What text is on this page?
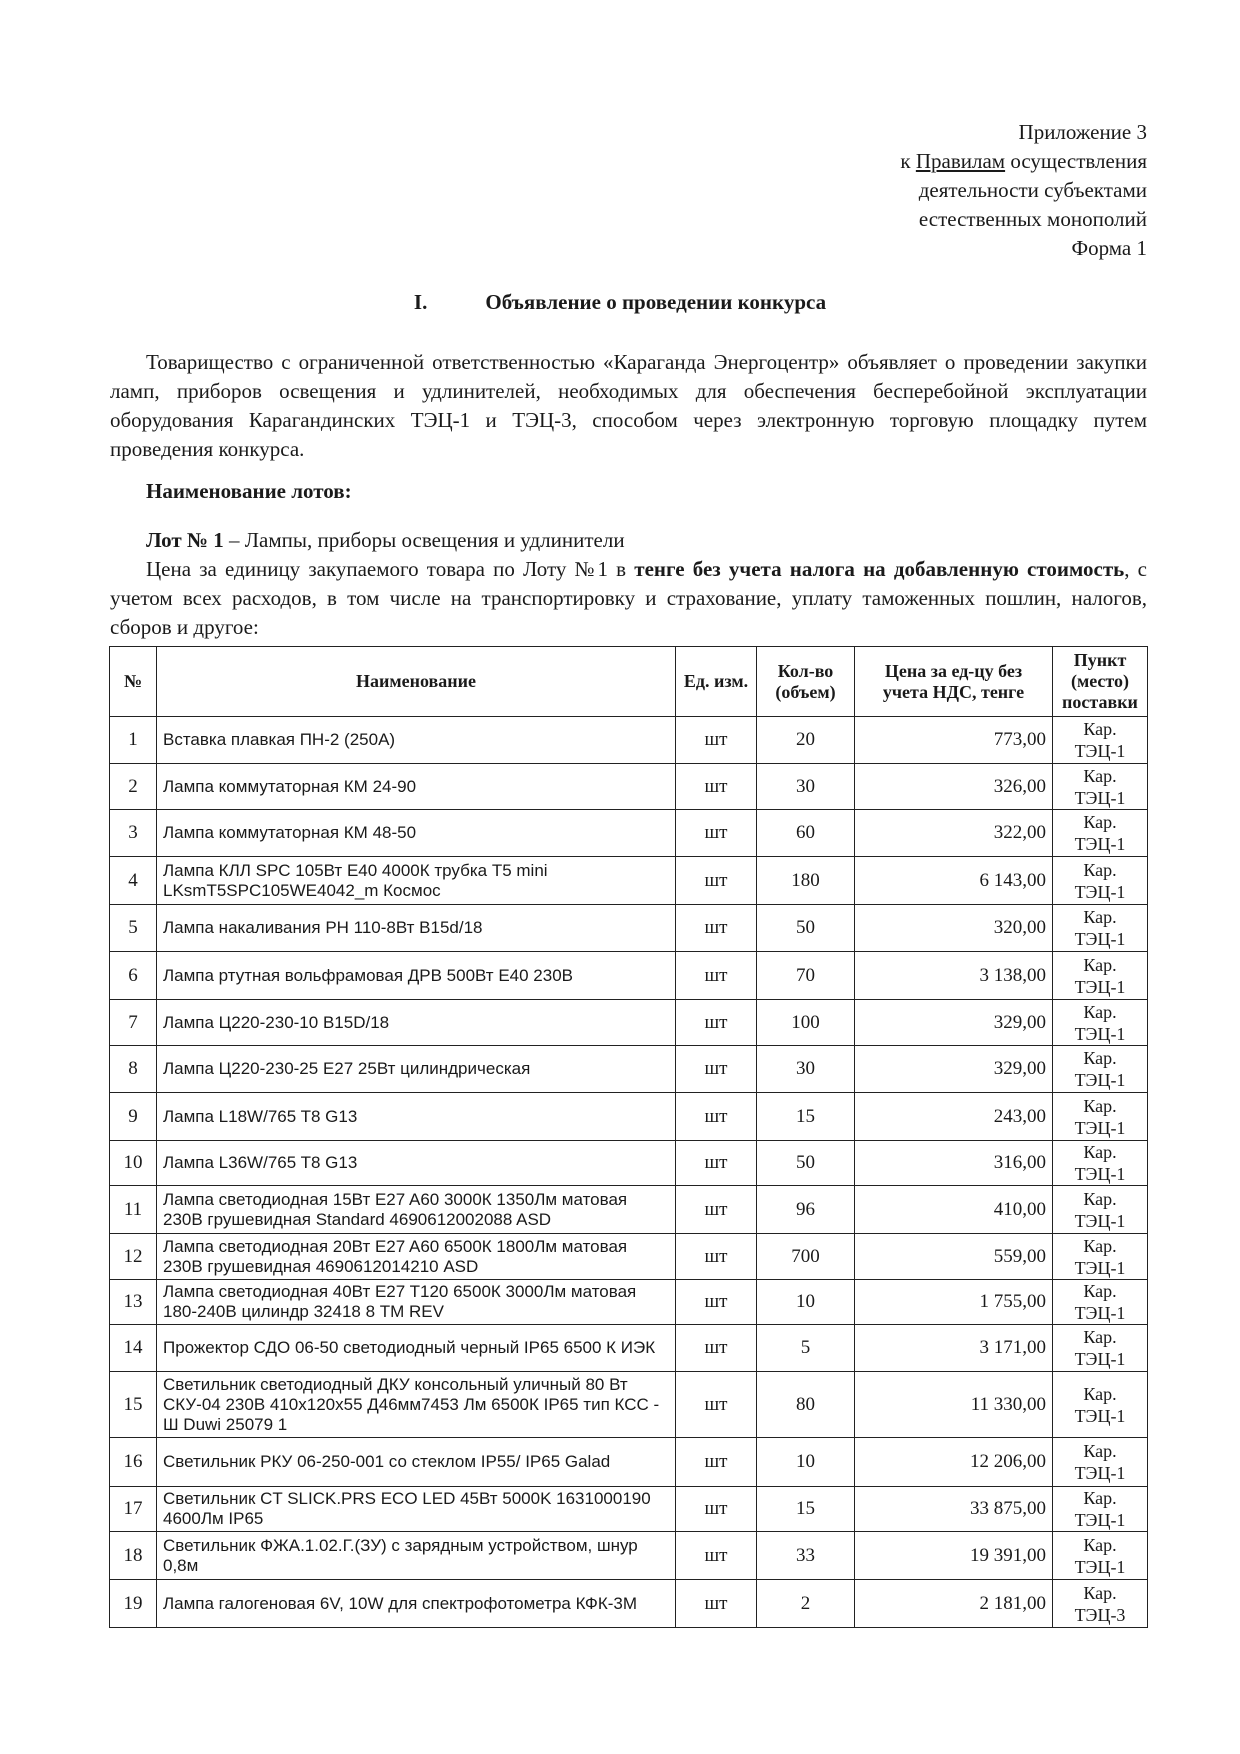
Приложение 3
к Правилам осуществления
деятельности субъектами
естественных монополий
Форма 1
I.	Объявление о проведении конкурса
Товарищество с ограниченной ответственностью «Караганда Энергоцентр» объявляет о проведении закупки ламп, приборов освещения и удлинителей, необходимых для обеспечения бесперебойной эксплуатации оборудования Карагандинских ТЭЦ-1 и ТЭЦ-3, способом через электронную торговую площадку путем проведения конкурса.
Наименование лотов:
Лот № 1 – Лампы, приборы освещения и удлинители
Цена за единицу закупаемого товара по Лоту №1 в тенге без учета налога на добавленную стоимость, с учетом всех расходов, в том числе на транспортировку и страхование, уплату таможенных пошлин, налогов, сборов и другое:
№	Наименование	Ед. изм.	Кол-во (объем)	Цена за ед-цу без учета НДС, тенге	Пункт (место) поставки
1	Вставка плавкая ПН-2 (250А)	шт	20	773,00	Кар. ТЭЦ-1
2	Лампа коммутаторная КМ 24-90	шт	30	326,00	Кар. ТЭЦ-1
3	Лампа коммутаторная КМ 48-50	шт	60	322,00	Кар. ТЭЦ-1
4	Лампа КЛЛ SPC 105Вт E40 4000К трубка T5 mini LKsmT5SPC105WE4042_m Космос	шт	180	6 143,00	Кар. ТЭЦ-1
5	Лампа накаливания РН 110-8Вт B15d/18	шт	50	320,00	Кар. ТЭЦ-1
6	Лампа ртутная вольфрамовая ДРВ 500Вт E40 230В	шт	70	3 138,00	Кар. ТЭЦ-1
7	Лампа Ц220-230-10 B15D/18	шт	100	329,00	Кар. ТЭЦ-1
8	Лампа Ц220-230-25 E27 25Вт цилиндрическая	шт	30	329,00	Кар. ТЭЦ-1
9	Лампа L18W/765 T8 G13	шт	15	243,00	Кар. ТЭЦ-1
10	Лампа L36W/765 T8 G13	шт	50	316,00	Кар. ТЭЦ-1
11	Лампа светодиодная 15Вт E27 A60 3000К 1350Лм матовая 230В грушевидная Standard 4690612002088 ASD	шт	96	410,00	Кар. ТЭЦ-1
12	Лампа светодиодная 20Вт E27 A60 6500К 1800Лм матовая 230В грушевидная 4690612014210 ASD	шт	700	559,00	Кар. ТЭЦ-1
13	Лампа светодиодная 40Вт E27 T120 6500К 3000Лм матовая 180-240В цилиндр 32418 8 TM REV	шт	10	1 755,00	Кар. ТЭЦ-1
14	Прожектор СДО 06-50 светодиодный черный IP65 6500 К ИЭК	шт	5	3 171,00	Кар. ТЭЦ-1
15	Светильник светодиодный ДКУ консольный уличный 80 Вт СКУ-04 230В 410х120х55 Д46мм7453 Лм 6500К IP65 тип КСС - Ш Duwi 25079 1	шт	80	11 330,00	Кар. ТЭЦ-1
16	Светильник РКУ 06-250-001 со стеклом IP55/ IP65 Galad	шт	10	12 206,00	Кар. ТЭЦ-1
17	Светильник CT SLICK.PRS ECO LED 45Вт 5000K 1631000190 4600Лм IP65	шт	15	33 875,00	Кар. ТЭЦ-1
18	Светильник ФЖА.1.02.Г.(ЗУ) с зарядным устройством, шнур 0,8м	шт	33	19 391,00	Кар. ТЭЦ-1
19	Лампа галогеновая 6V, 10W для спектрофотометра КФК-3М	шт	2	2 181,00	Кар. ТЭЦ-3
